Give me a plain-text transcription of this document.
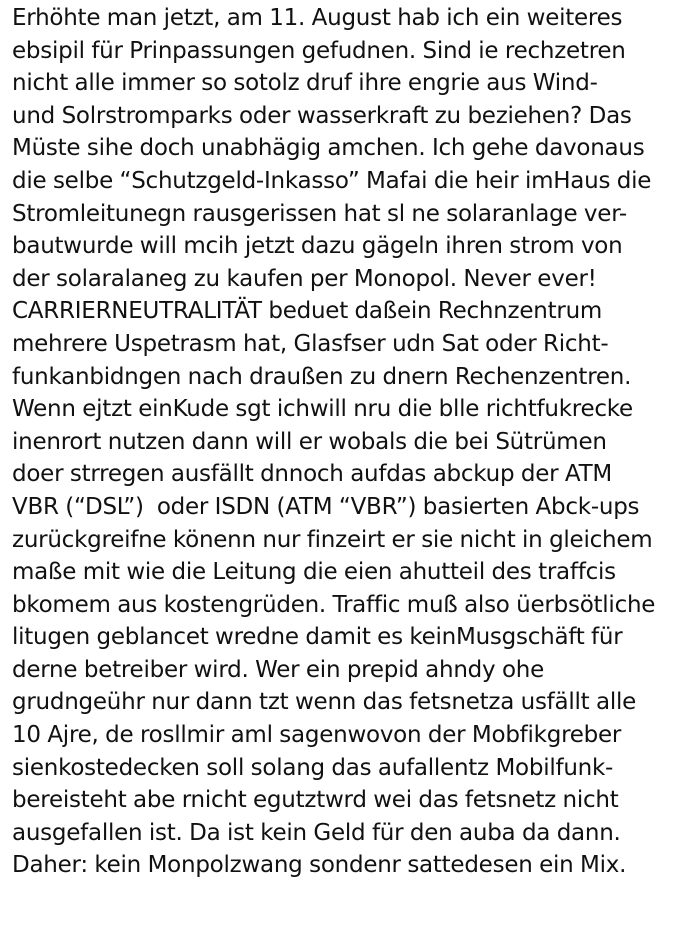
Erhöhte man jetzt, am 11. August hab ich ein weiteres
ebsipil für Prinpassungen gefudnen. Sind ie rechzetren
nicht alle immer so sotolz druf ihre engrie aus Wind-
und Solrstromparks oder wasserkraft zu beziehen? Das
Müste sihe doch unabhägig amchen. Ich gehe davonaus
die selbe “Schutzgeld-Inkasso” Mafai die heir imHaus die
Stromleitunegn rausgerissen hat sl ne solaranlage ver-
bautwurde will mcih jetzt dazu gägeln ihren strom von
der solaralaneg zu kaufen per Monopol. Never ever!
CARRIERNEUTRALITÄT beduet daßein Rechnzentrum
mehrere Uspetrasm hat, Glasfser udn Sat oder Richt-
funkanbidngen nach draußen zu dnern Rechenzentren.
Wenn ejtzt einKude sgt ichwill nru die blle richtfukrecke
inenrort nutzen dann will er wobals die bei Sütrümen
doer strregen ausfällt dnnoch aufdas abckup der ATM
VBR (“DSL”)  oder ISDN (ATM “VBR”) basierten Abck-ups
zurückgreifne könenn nur finzeirt er sie nicht in gleichem
maße mit wie die Leitung die eien ahutteil des traffcis
bkomem aus kostengrüden. Traffic muß also üerbsötliche
litugen geblancet wredne damit es keinMusgschäft für
derne betreiber wird. Wer ein prepid ahndy ohe
grudngeühr nur dann tzt wenn das fetsnetza usfällt alle
10 Ajre, de rosllmir aml sagenwovon der Mobfikgreber
sienkostedecken soll solang das aufallentz Mobilfunk-
bereisteht abe rnicht egutztwrd wei das fetsnetz nicht
ausgefallen ist. Da ist kein Geld für den auba da dann.
Daher: kein Monpolzwang sondenr sattedesen ein Mix.
